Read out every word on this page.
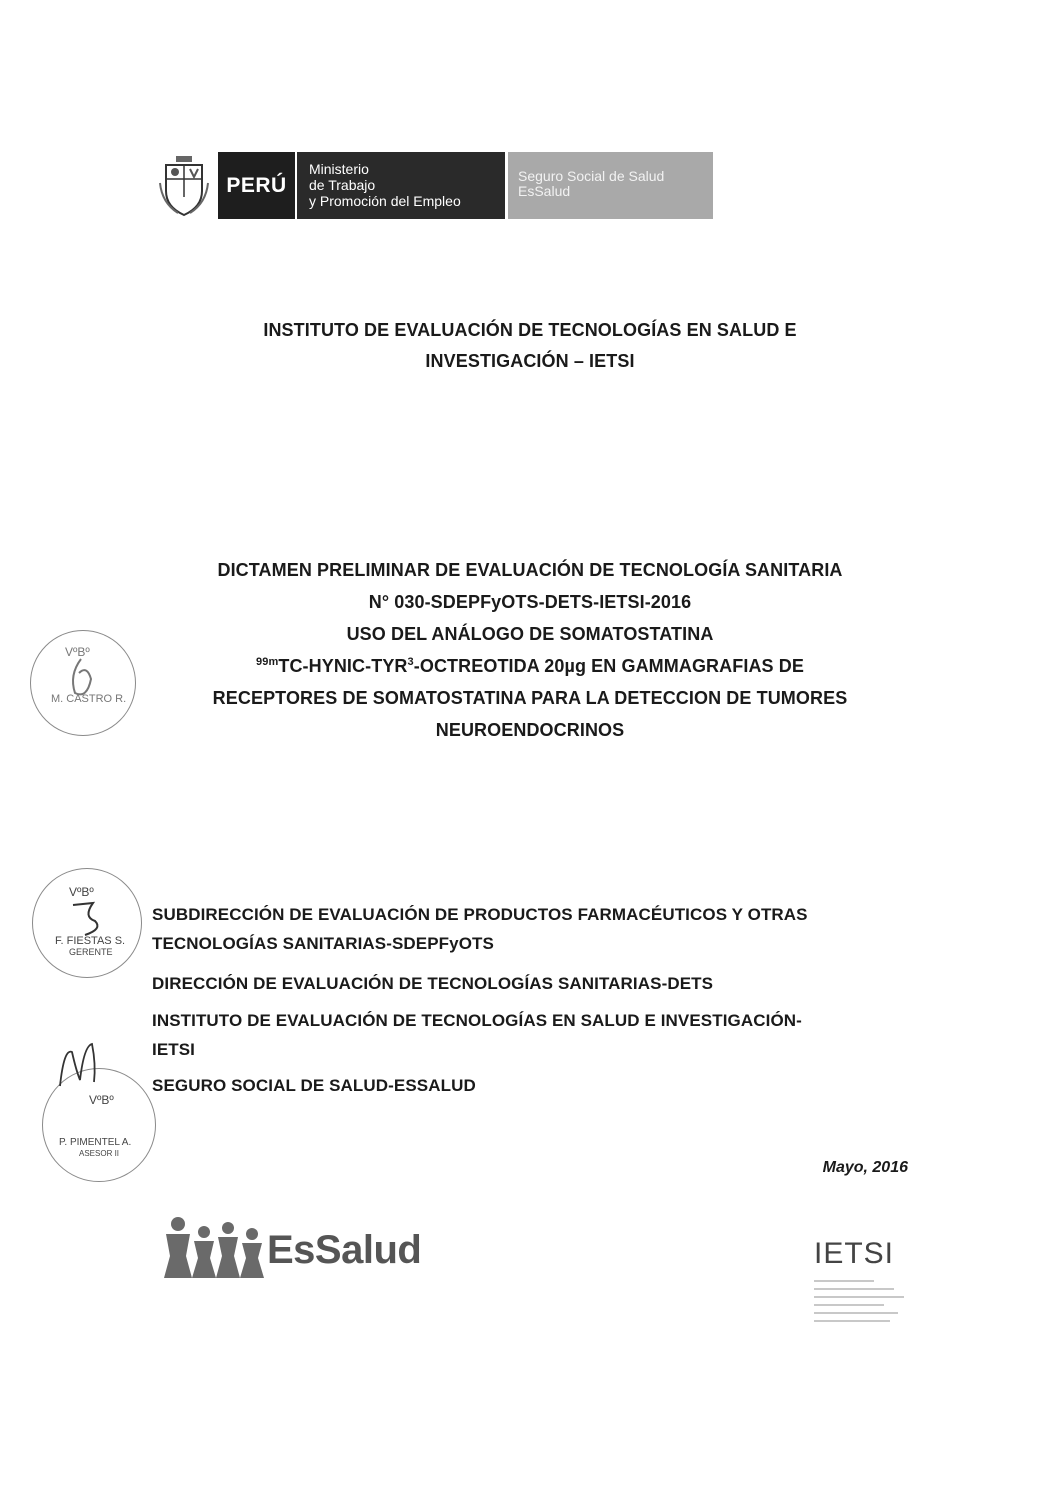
PERÚ
Ministerio
de Trabajo
y Promoción del Empleo
Seguro Social de Salud
EsSalud
INSTITUTO DE EVALUACIÓN DE TECNOLOGÍAS EN SALUD E
INVESTIGACIÓN – IETSI
DICTAMEN PRELIMINAR DE EVALUACIÓN DE TECNOLOGÍA SANITARIA
N° 030-SDEPFyOTS-DETS-IETSI-2016
USO DEL ANÁLOGO DE SOMATOSTATINA
$^{99m}$TC-HYNIC-TYR$^3$-OCTREOTIDA 20µg EN GAMMAGRAFIAS DE
RECEPTORES DE SOMATOSTATINA PARA LA DETECCION DE TUMORES
NEUROENDOCRINOS
VºBº
M. CASTRO R.
VºBº
F. FIESTAS S.
GERENTE
VºBº
P. PIMENTEL A.
ASESOR II
SUBDIRECCIÓN DE EVALUACIÓN DE PRODUCTOS FARMACÉUTICOS Y OTRAS
TECNOLOGÍAS SANITARIAS-SDEPFyOTS
DIRECCIÓN DE EVALUACIÓN DE TECNOLOGÍAS SANITARIAS-DETS
INSTITUTO DE EVALUACIÓN DE TECNOLOGÍAS EN SALUD E INVESTIGACIÓN-
IETSI
SEGURO SOCIAL DE SALUD-ESSALUD
Mayo, 2016
EsSalud	IETSI
